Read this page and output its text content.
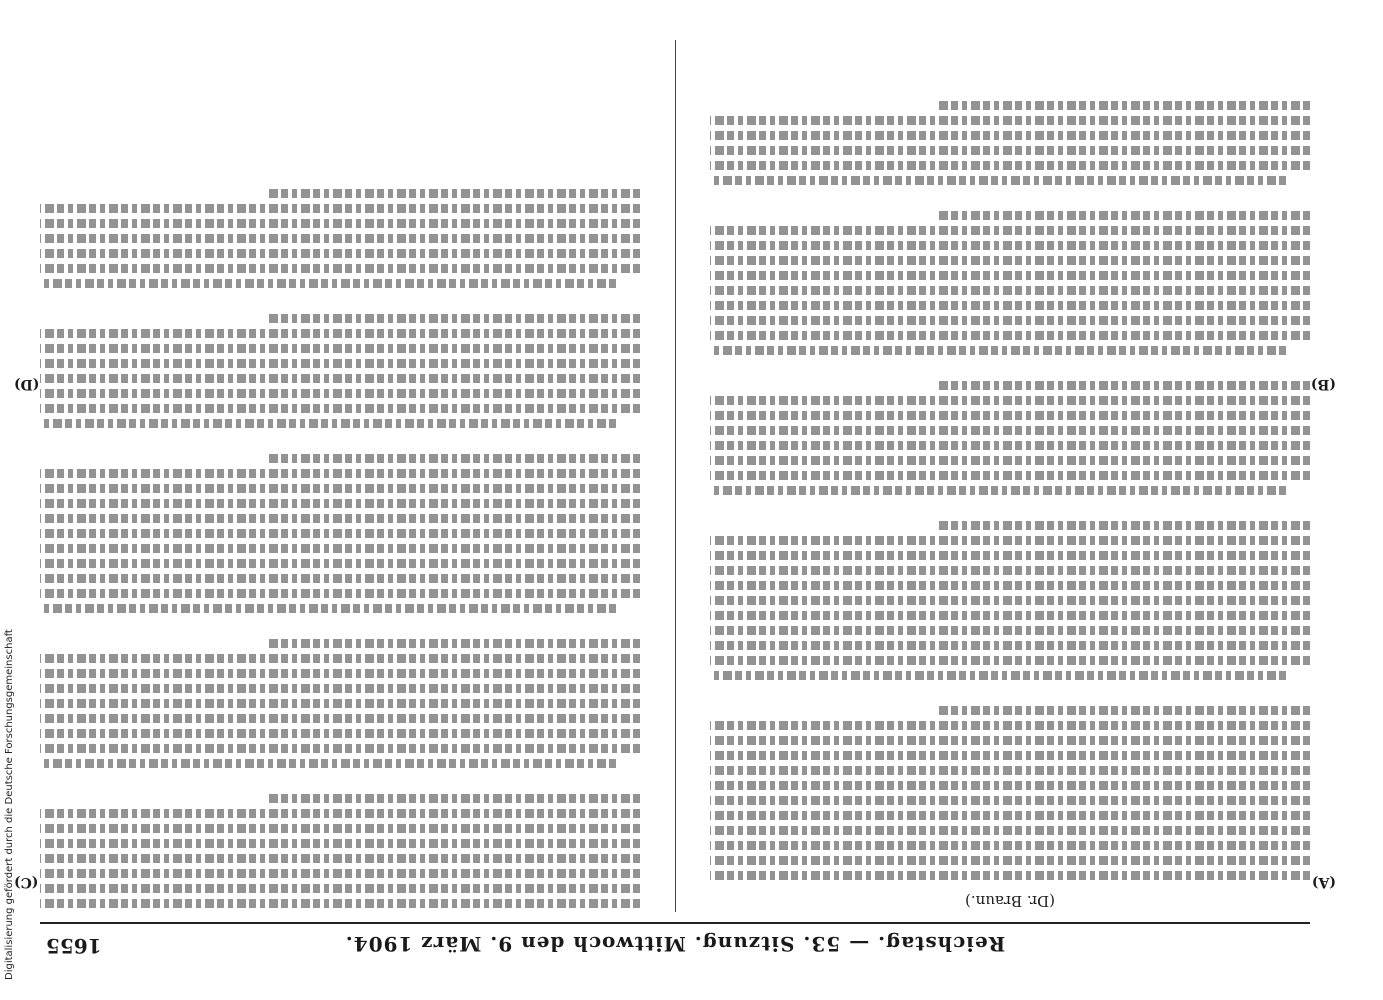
Reichstag. — 53. Sitzung. Mittwoch den 9. März 1904.
1655
(Dr. Braun.)
(A)
(B)
(C)
(D)
Digitalisierung gefördert durch die Deutsche Forschungsgemeinschaft
